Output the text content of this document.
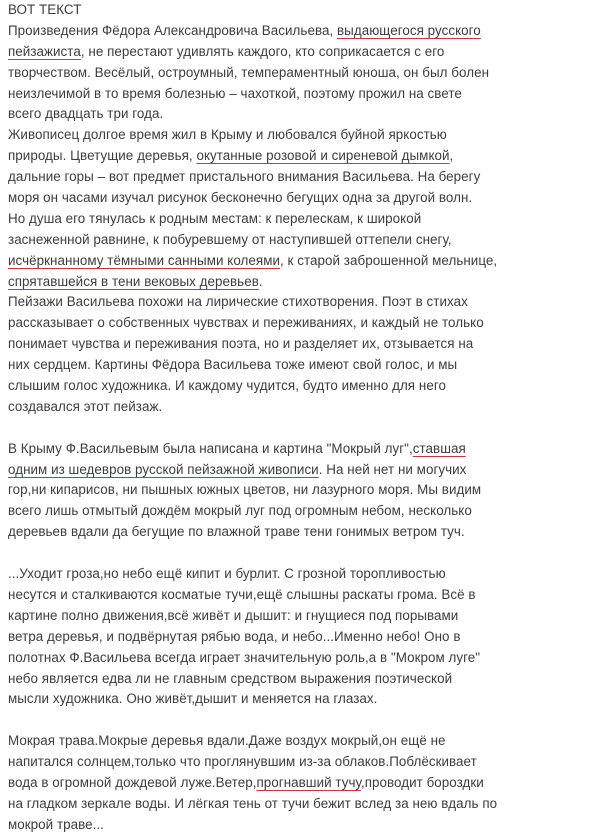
ВОТ ТЕКСТ
Произведения Фёдора Александровича Васильева, выдающегося русского
пейзажиста, не перестают удивлять каждого, кто соприкасается с его
творчеством. Весёлый, остроумный, темпераментный юноша, он был болен
неизлечимой в то время болезнью – чахоткой, поэтому прожил на свете
всего двадцать три года.
Живописец долгое время жил в Крыму и любовался буйной яркостью
природы. Цветущие деревья, окутанные розовой и сиреневой дымкой,
дальние горы – вот предмет пристального внимания Васильева. На берегу
моря он часами изучал рисунок бесконечно бегущих одна за другой волн.
Но душа его тянулась к родным местам: к перелескам, к широкой
заснеженной равнине, к побуревшему от наступившей оттепели снегу,
исчёркнанному тёмными санными колеями, к старой заброшенной мельнице,
спрятавшейся в тени вековых деревьев.
Пейзажи Васильева похожи на лирические стихотворения. Поэт в стихах
рассказывает о собственных чувствах и переживаниях, и каждый не только
понимает чувства и переживания поэта, но и разделяет их, отзывается на
них сердцем. Картины Фёдора Васильева тоже имеют свой голос, и мы
слышим голос художника. И каждому чудится, будто именно для него
создавался этот пейзаж.
В Крыму Ф.Васильевым была написана и картина "Мокрый луг",ставшая
одним из шедевров русской пейзажной живописи. На ней нет ни могучих
гор,ни кипарисов, ни пышных южных цветов, ни лазурного моря. Мы видим
всего лишь отмытый дождём мокрый луг под огромным небом, несколько
деревьев вдали да бегущие по влажной траве тени гонимых ветром туч.
...Уходит гроза,но небо ещё кипит и бурлит. С грозной торопливостью
несутся и сталкиваются косматые тучи,ещё слышны раскаты грома. Всё в
картине полно движения,всё живёт и дышит: и гнущиеся под порывами
ветра деревья, и подвёрнутая рябью вода, и небо...Именно небо! Оно в
полотнах Ф.Васильева всегда играет значительную роль,а в "Мокром луге"
небо является едва ли не главным средством выражения поэтической
мысли художника. Оно живёт,дышит и меняется на глазах.
Мокрая трава.Мокрые деревья вдали.Даже воздух мокрый,он ещё не
напитался солнцем,только что проглянувшим из-за облаков.Поблёскивает
вода в огромной дождевой луже.Ветер,прогнавший тучу,проводит бороздки
на гладком зеркале воды. И лёгкая тень от тучи бежит вслед за нею вдаль по
мокрой траве...
